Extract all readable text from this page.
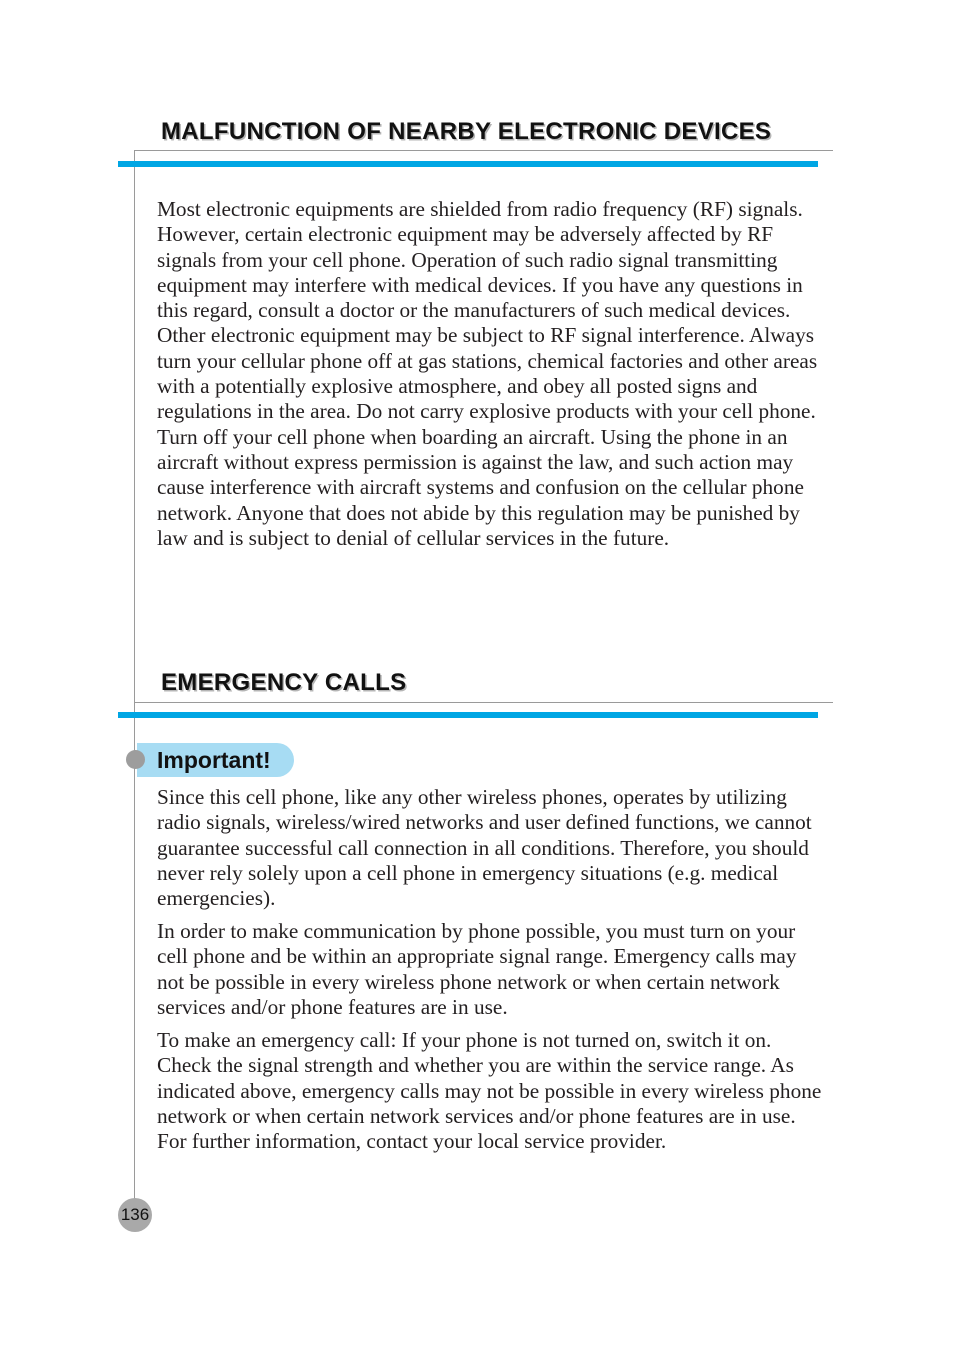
MALFUNCTION OF NEARBY ELECTRONIC DEVICES

Most electronic equipments are shielded from radio frequency (RF) signals. However, certain electronic equipment may be adversely affected by RF signals from your cell phone. Operation of such radio signal transmitting equipment may interfere with medical devices. If you have any questions in this regard, consult a doctor or the manufacturers of such medical devices. Other electronic equipment may be subject to RF signal interference. Always turn your cellular phone off at gas stations, chemical factories and other areas with a potentially explosive atmosphere, and obey all posted signs and regulations in the area. Do not carry explosive products with your cell phone. Turn off your cell phone when boarding an aircraft. Using the phone in an aircraft without express permission is against the law, and such action may cause interference with aircraft systems and confusion on the cellular phone network. Anyone that does not abide by this regulation may be punished by law and is subject to denial of cellular services in the future.

EMERGENCY CALLS
Important!

Since this cell phone, like any other wireless phones, operates by utilizing radio signals, wireless/wired networks and user defined functions, we cannot guarantee successful call connection in all conditions. Therefore, you should never rely solely upon a cell phone in emergency situations (e.g. medical emergencies).

In order to make communication by phone possible, you must turn on your cell phone and be within an appropriate signal range. Emergency calls may not be possible in every wireless phone network or when certain network services and/or phone features are in use.

To make an emergency call: If your phone is not turned on, switch it on. Check the signal strength and whether you are within the service range. As indicated above, emergency calls may not be possible in every wireless phone network or when certain network services and/or phone features are in use. For further information, contact your local service provider.

136
